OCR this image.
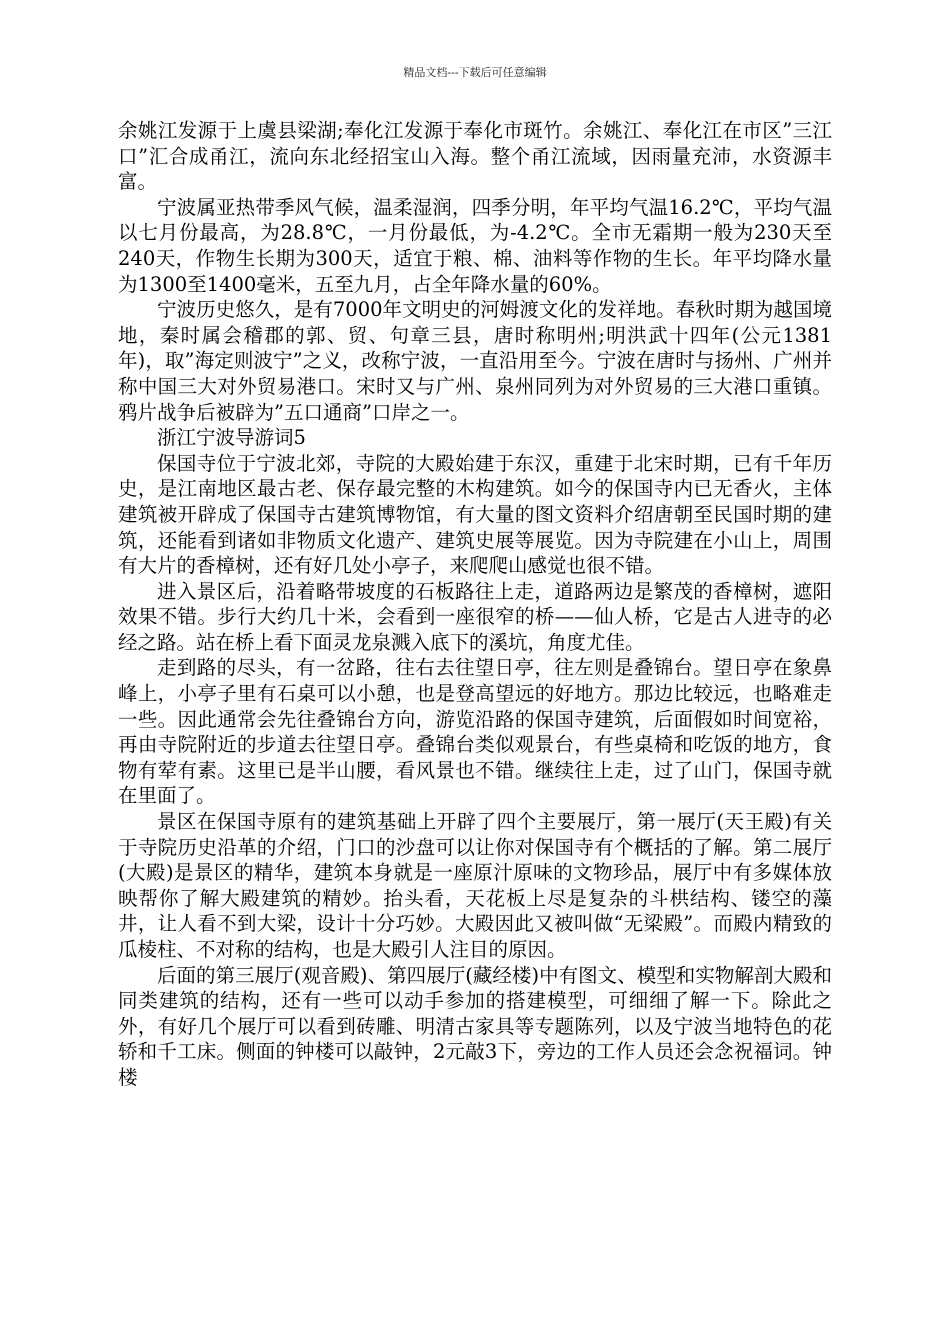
精品文档---下载后可任意编辑

余姚江发源于上虞县梁湖;奉化江发源于奉化市斑竹。余姚江、奉化江在市区”三江口”汇合成甬江，流向东北经招宝山入海。整个甬江流域，因雨量充沛，水资源丰富。

宁波属亚热带季风气候，温柔湿润，四季分明，年平均气温16.2℃，平均气温以七月份最高，为28.8℃，一月份最低，为-4.2℃。全市无霜期一般为230天至240天，作物生长期为300天，适宜于粮、棉、油料等作物的生长。年平均降水量为1300至1400毫米，五至九月，占全年降水量的60%。

宁波历史悠久，是有7000年文明史的河姆渡文化的发祥地。春秋时期为越国境地，秦时属会稽郡的郭、贸、句章三县，唐时称明州;明洪武十四年(公元1381年)，取”海定则波宁”之义，改称宁波，一直沿用至今。宁波在唐时与扬州、广州并称中国三大对外贸易港口。宋时又与广州、泉州同列为对外贸易的三大港口重镇。鸦片战争后被辟为”五口通商”口岸之一。

浙江宁波导游词5

保国寺位于宁波北郊，寺院的大殿始建于东汉，重建于北宋时期，已有千年历史，是江南地区最古老、保存最完整的木构建筑。如今的保国寺内已无香火，主体建筑被开辟成了保国寺古建筑博物馆，有大量的图文资料介绍唐朝至民国时期的建筑，还能看到诸如非物质文化遗产、建筑史展等展览。因为寺院建在小山上，周围有大片的香樟树，还有好几处小亭子，来爬爬山感觉也很不错。

进入景区后，沿着略带坡度的石板路往上走，道路两边是繁茂的香樟树，遮阳效果不错。步行大约几十米，会看到一座很窄的桥——仙人桥，它是古人进寺的必经之路。站在桥上看下面灵龙泉溅入底下的溪坑，角度尤佳。

走到路的尽头，有一岔路，往右去往望日亭，往左则是叠锦台。望日亭在象鼻峰上，小亭子里有石桌可以小憩，也是登高望远的好地方。那边比较远，也略难走一些。因此通常会先往叠锦台方向，游览沿路的保国寺建筑，后面假如时间宽裕，再由寺院附近的步道去往望日亭。叠锦台类似观景台，有些桌椅和吃饭的地方，食物有荤有素。这里已是半山腰，看风景也不错。继续往上走，过了山门，保国寺就在里面了。

景区在保国寺原有的建筑基础上开辟了四个主要展厅，第一展厅(天王殿)有关于寺院历史沿革的介绍，门口的沙盘可以让你对保国寺有个概括的了解。第二展厅(大殿)是景区的精华，建筑本身就是一座原汁原味的文物珍品，展厅中有多媒体放映帮你了解大殿建筑的精妙。抬头看，天花板上尽是复杂的斗栱结构、镂空的藻井，让人看不到大梁，设计十分巧妙。大殿因此又被叫做“无梁殿”。而殿内精致的瓜棱柱、不对称的结构，也是大殿引人注目的原因。

后面的第三展厅(观音殿)、第四展厅(藏经楼)中有图文、模型和实物解剖大殿和同类建筑的结构，还有一些可以动手参加的搭建模型，可细细了解一下。除此之外，有好几个展厅可以看到砖雕、明清古家具等专题陈列，以及宁波当地特色的花轿和千工床。侧面的钟楼可以敲钟，2元敲3下，旁边的工作人员还会念祝福词。钟楼
